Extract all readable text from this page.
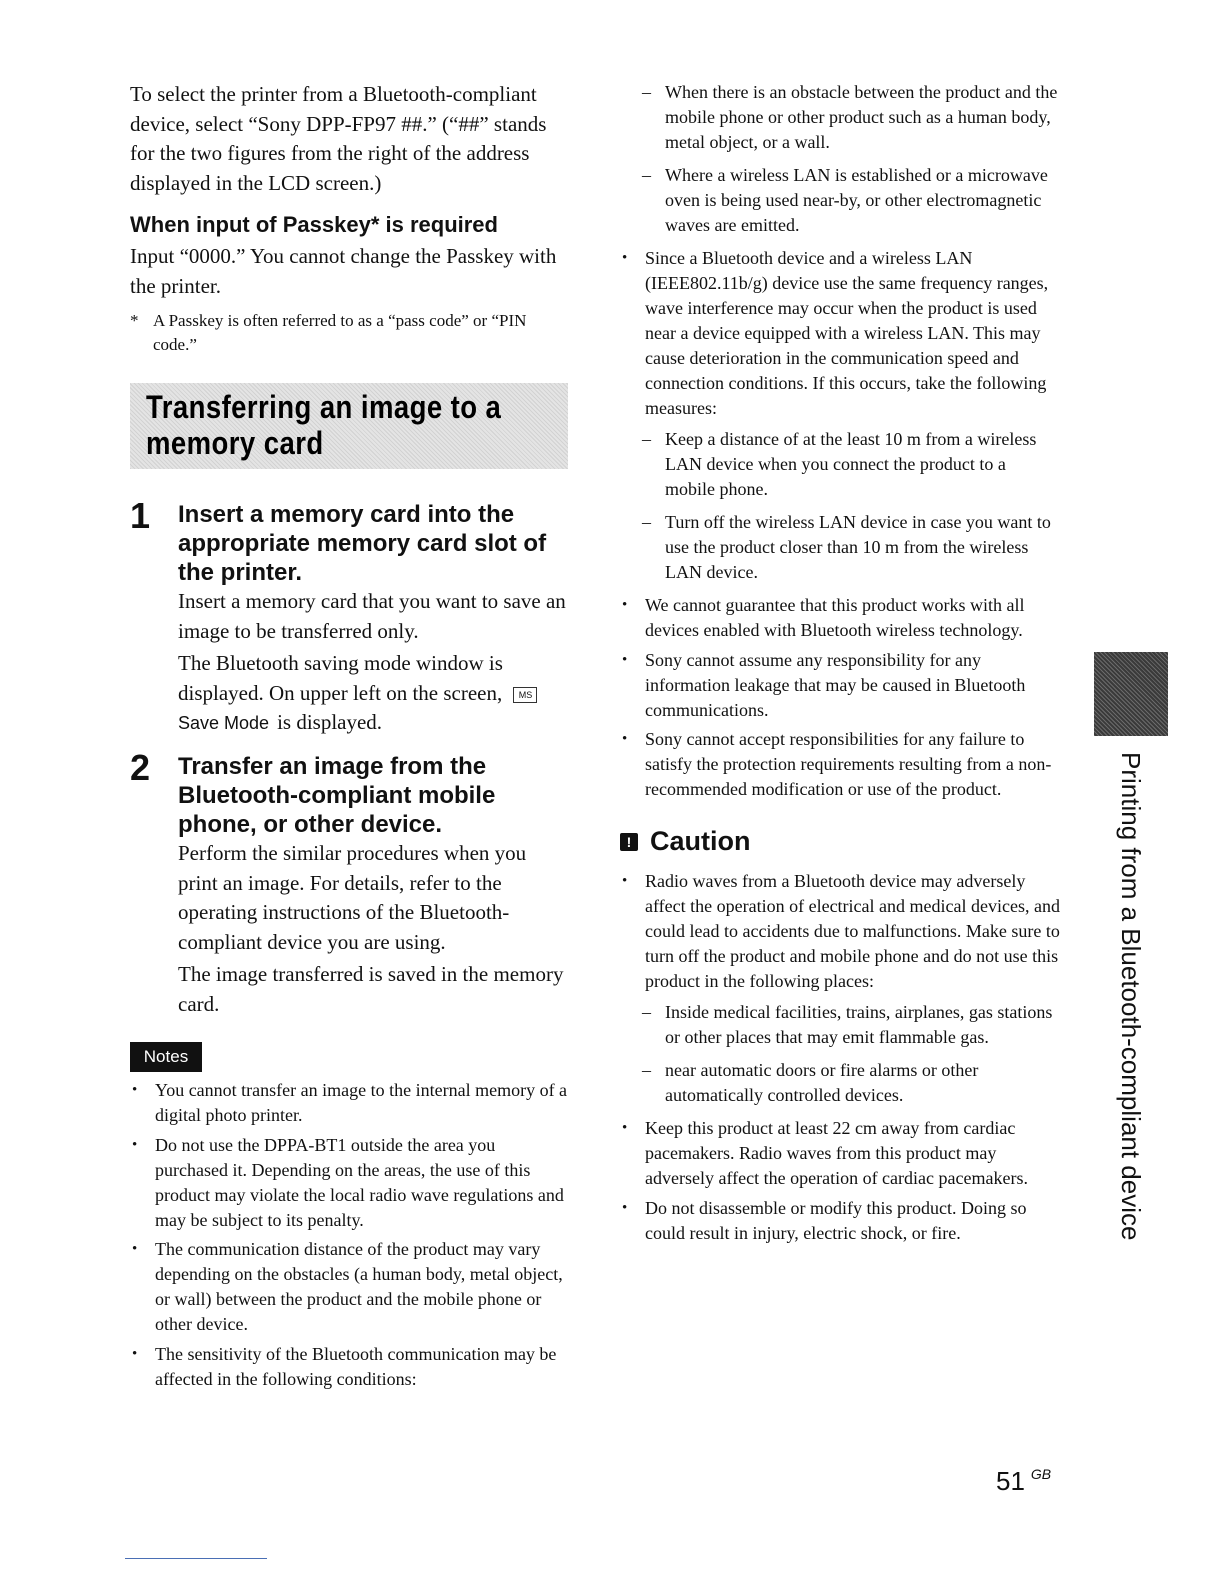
To select the printer from a Bluetooth-compliant device, select “Sony DPP-FP97 ##.” (“##” stands for the two figures from the right of the address displayed in the LCD screen.)

When input of Passkey* is required

Input “0000.” You cannot change the Passkey with the printer.

* A Passkey is often referred to as a “pass code” or “PIN code.”

Transferring an image to a memory card
1 Insert a memory card into the appropriate memory card slot of the printer.

Insert a memory card that you want to save an image to be transferred only.

The Bluetooth saving mode window is displayed. On upper left on the screen, MSSave Mode is displayed.

2 Transfer an image from the Bluetooth-compliant mobile phone, or other device.

Perform the similar procedures when you print an image. For details, refer to the operating instructions of the Bluetooth-compliant device you are using.

The image transferred is saved in the memory card.

Notes
• You cannot transfer an image to the internal memory of a digital photo printer.
• Do not use the DPPA-BT1 outside the area you purchased it. Depending on the areas, the use of this product may violate the local radio wave regulations and may be subject to its penalty.
• The communication distance of the product may vary depending on the obstacles (a human body, metal object, or wall) between the product and the mobile phone or other device.
• The sensitivity of the Bluetooth communication may be affected in the following conditions:
– When there is an obstacle between the product and the mobile phone or other product such as a human body, metal object, or a wall.
– Where a wireless LAN is established or a microwave oven is being used near-by, or other electromagnetic waves are emitted.
• Since a Bluetooth device and a wireless LAN (IEEE802.11b/g) device use the same frequency ranges, wave interference may occur when the product is used near a device equipped with a wireless LAN. This may cause deterioration in the communication speed and connection conditions. If this occurs, take the following measures:
– Keep a distance of at the least 10 m from a wireless LAN device when you connect the product to a mobile phone.
– Turn off the wireless LAN device in case you want to use the product closer than 10 m from the wireless LAN device.
• We cannot guarantee that this product works with all devices enabled with Bluetooth wireless technology.
• Sony cannot assume any responsibility for any information leakage that may be caused in Bluetooth communications.
• Sony cannot accept responsibilities for any failure to satisfy the protection requirements resulting from a non-recommended modification or use of the product.
! Caution
• Radio waves from a Bluetooth device may adversely affect the operation of electrical and medical devices, and could lead to accidents due to malfunctions. Make sure to turn off the product and mobile phone and do not use this product in the following places:
– Inside medical facilities, trains, airplanes, gas stations or other places that may emit flammable gas.
– near automatic doors or fire alarms or other automatically controlled devices.
• Keep this product at least 22 cm away from cardiac pacemakers. Radio waves from this product may adversely affect the operation of cardiac pacemakers.
• Do not disassemble or modify this product. Doing so could result in injury, electric shock, or fire.	Printing from a Bluetooth-compliant device
51 $^{GB}$
